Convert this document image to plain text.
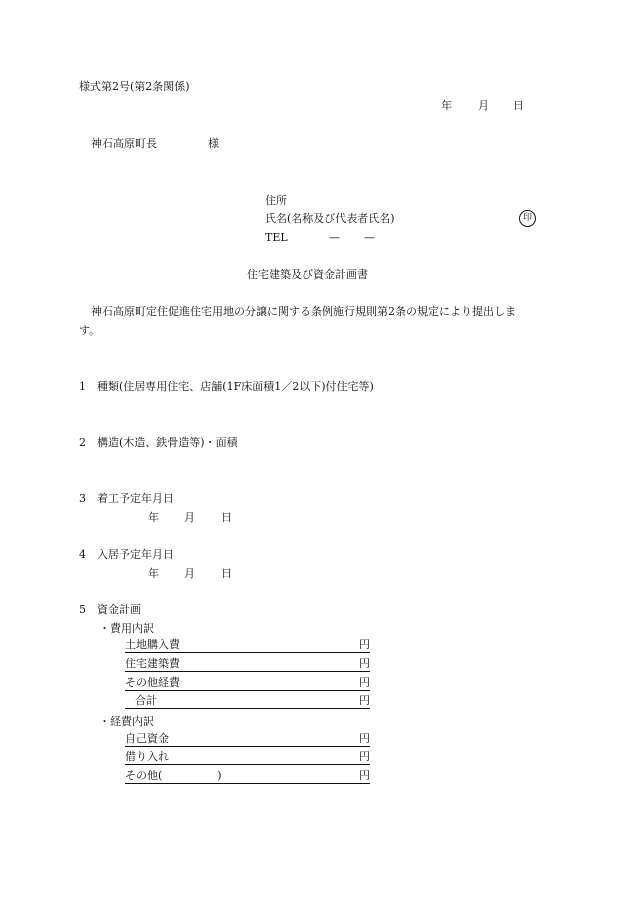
様式第2号(第2条関係)
年 月 日
神石高原町長	様
住所
氏名(名称及び代表者氏名)	印
TEL	— —
住宅建築及び資金計画書
神石高原町定住促進住宅用地の分譲に関する条例施行規則第2条の規定により提出しま
す。
1　種類(住居専用住宅、店舗(1F床面積1／2以下)付住宅等)
2　構造(木造、鉄骨造等)・面積
3　着工予定年月日
年 月 日
4　入居予定年月日
年 月 日
5　資金計画
・費用内訳
土地購入費	円
住宅建築費	円
その他経費	円
合計	円
・経費内訳
自己資金	円
借り入れ	円
その他(　　　　　)	円
